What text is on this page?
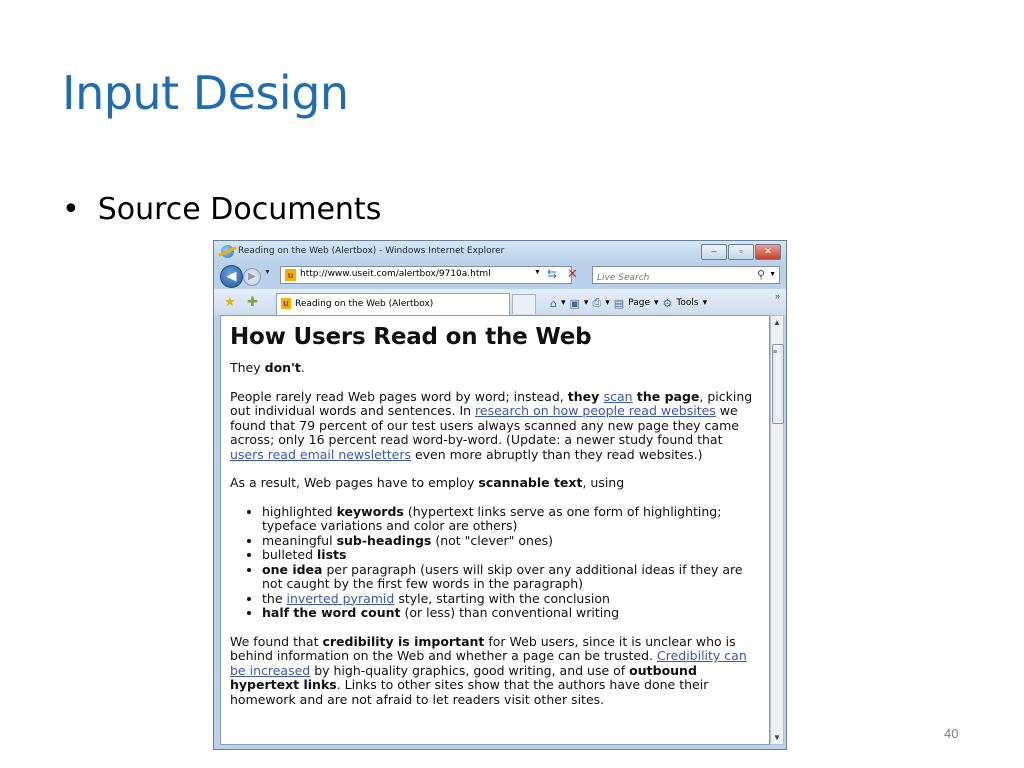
Input Design
• Source Documents
Reading on the Web (Alertbox) - Windows Internet Explorer	–	▫	✕
◀	▶	▼	u http://www.useit.com/alertbox/9710a.html	▼ ⇆ ✕
Live Search	⚲ ▼
★ ✚	u Reading on the Web (Alertbox)	⌂ ▾ ▣ ▾ ⎙ ▾ ▤ Page ▾ ⚙ Tools ▾
»
How Users Read on the Web

They don't.

People rarely read Web pages word by word; instead, they scan the page, picking out individual words and sentences. In research on how people read websites we found that 79 percent of our test users always scanned any new page they came across; only 16 percent read word-by-word. (Update: a newer study found that users read email newsletters even more abruptly than they read websites.)

As a result, Web pages have to employ scannable text, using

• highlighted keywords (hypertext links serve as one form of highlighting; typeface variations and color are others)
• meaningful sub-headings (not "clever" ones)
• bulleted lists
• one idea per paragraph (users will skip over any additional ideas if they are not caught by the first few words in the paragraph)
• the inverted pyramid style, starting with the conclusion
• half the word count (or less) than conventional writing

We found that credibility is important for Web users, since it is unclear who is behind information on the Web and whether a page can be trusted. Credibility can be increased by high-quality graphics, good writing, and use of outbound hypertext links. Links to other sites show that the authors have done their homework and are not afraid to let readers visit other sites.

▲
≡
▼	40
